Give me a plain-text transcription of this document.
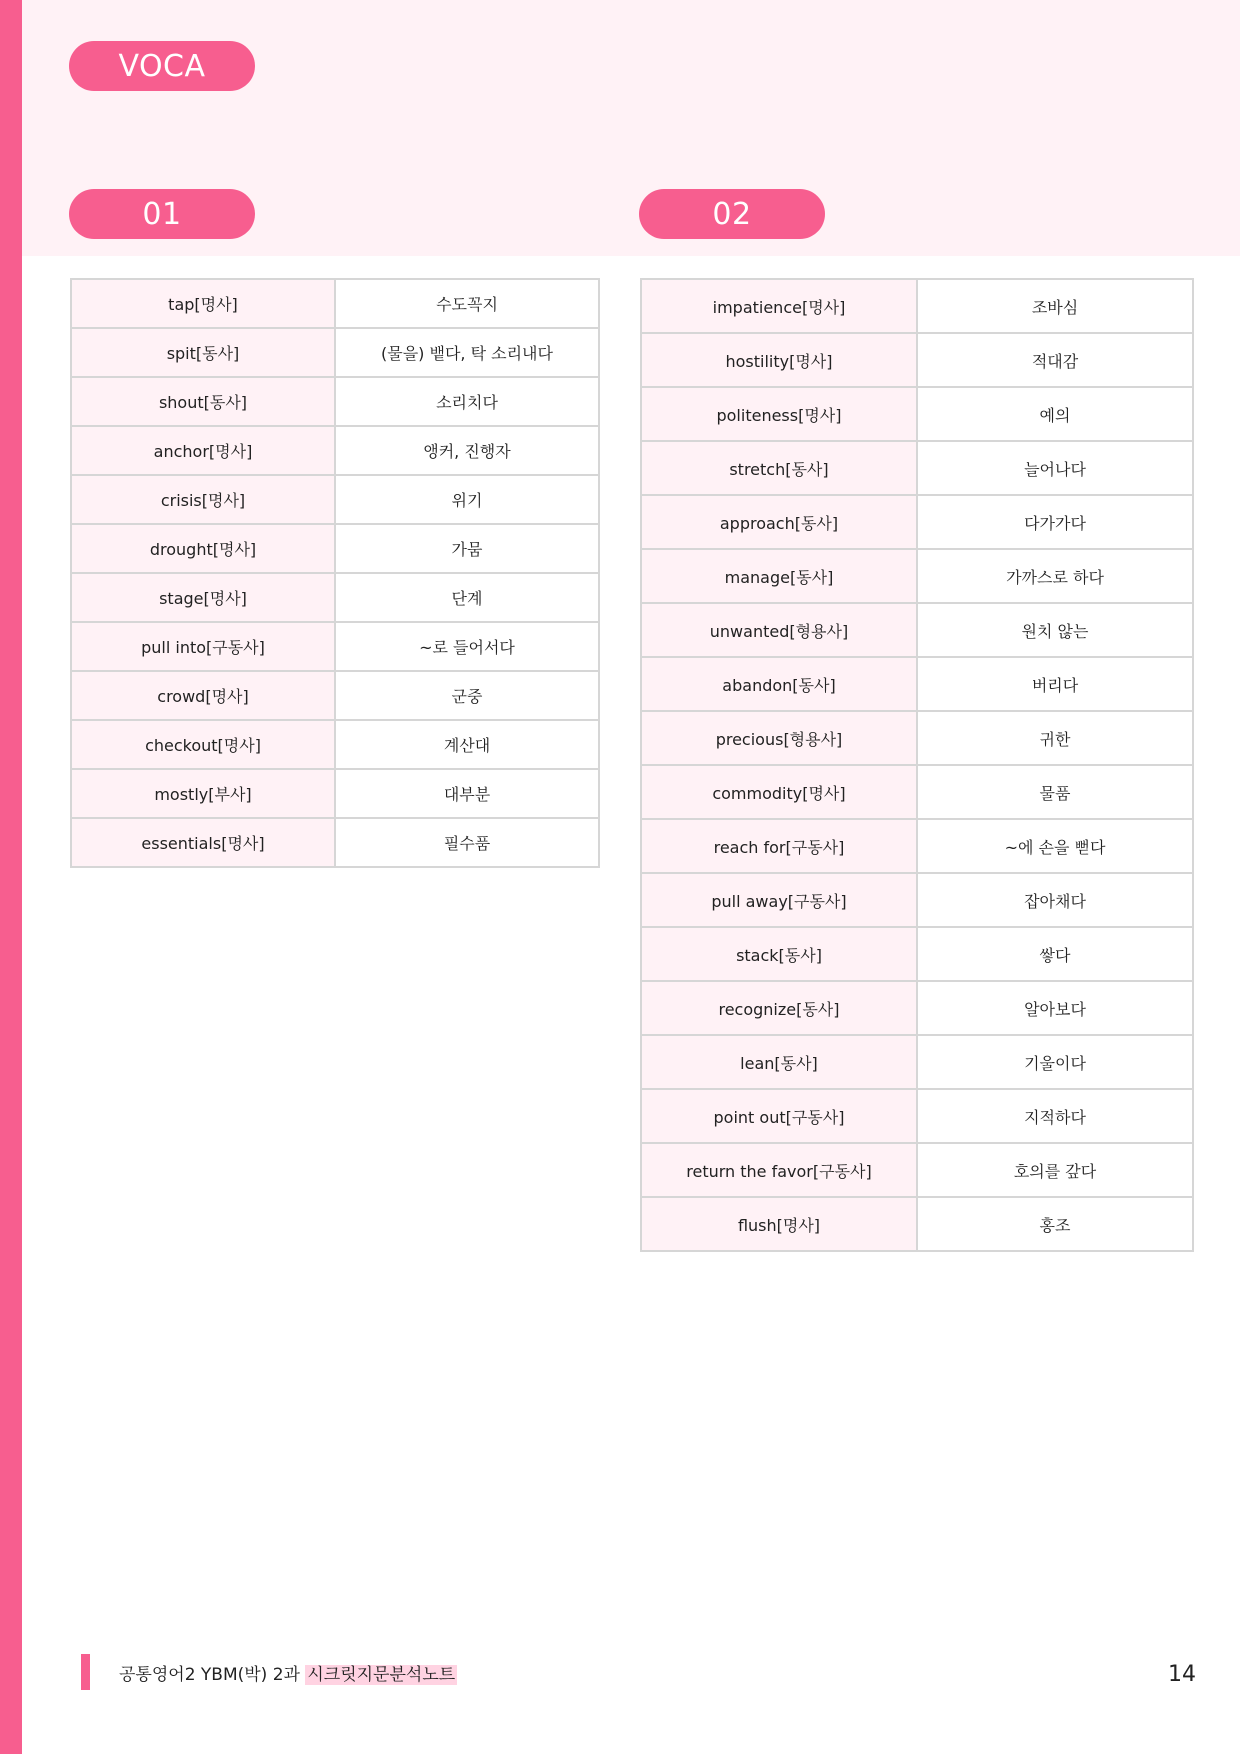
VOCA
01	02
tap[명사]	수도꼭지
spit[동사]	(물을) 뱉다, 탁 소리내다
shout[동사]	소리치다
anchor[명사]	앵커, 진행자
crisis[명사]	위기
drought[명사]	가뭄
stage[명사]	단계
pull into[구동사]	~로 들어서다
crowd[명사]	군중
checkout[명사]	계산대
mostly[부사]	대부분
essentials[명사]	필수품
impatience[명사]	조바심
hostility[명사]	적대감
politeness[명사]	예의
stretch[동사]	늘어나다
approach[동사]	다가가다
manage[동사]	가까스로 하다
unwanted[형용사]	원치 않는
abandon[동사]	버리다
precious[형용사]	귀한
commodity[명사]	물품
reach for[구동사]	~에 손을 뻗다
pull away[구동사]	잡아채다
stack[동사]	쌓다
recognize[동사]	알아보다
lean[동사]	기울이다
point out[구동사]	지적하다
return the favor[구동사]	호의를 갚다
flush[명사]	홍조
공통영어2 YBM(박) 2과 시크릿지문분석노트	14
